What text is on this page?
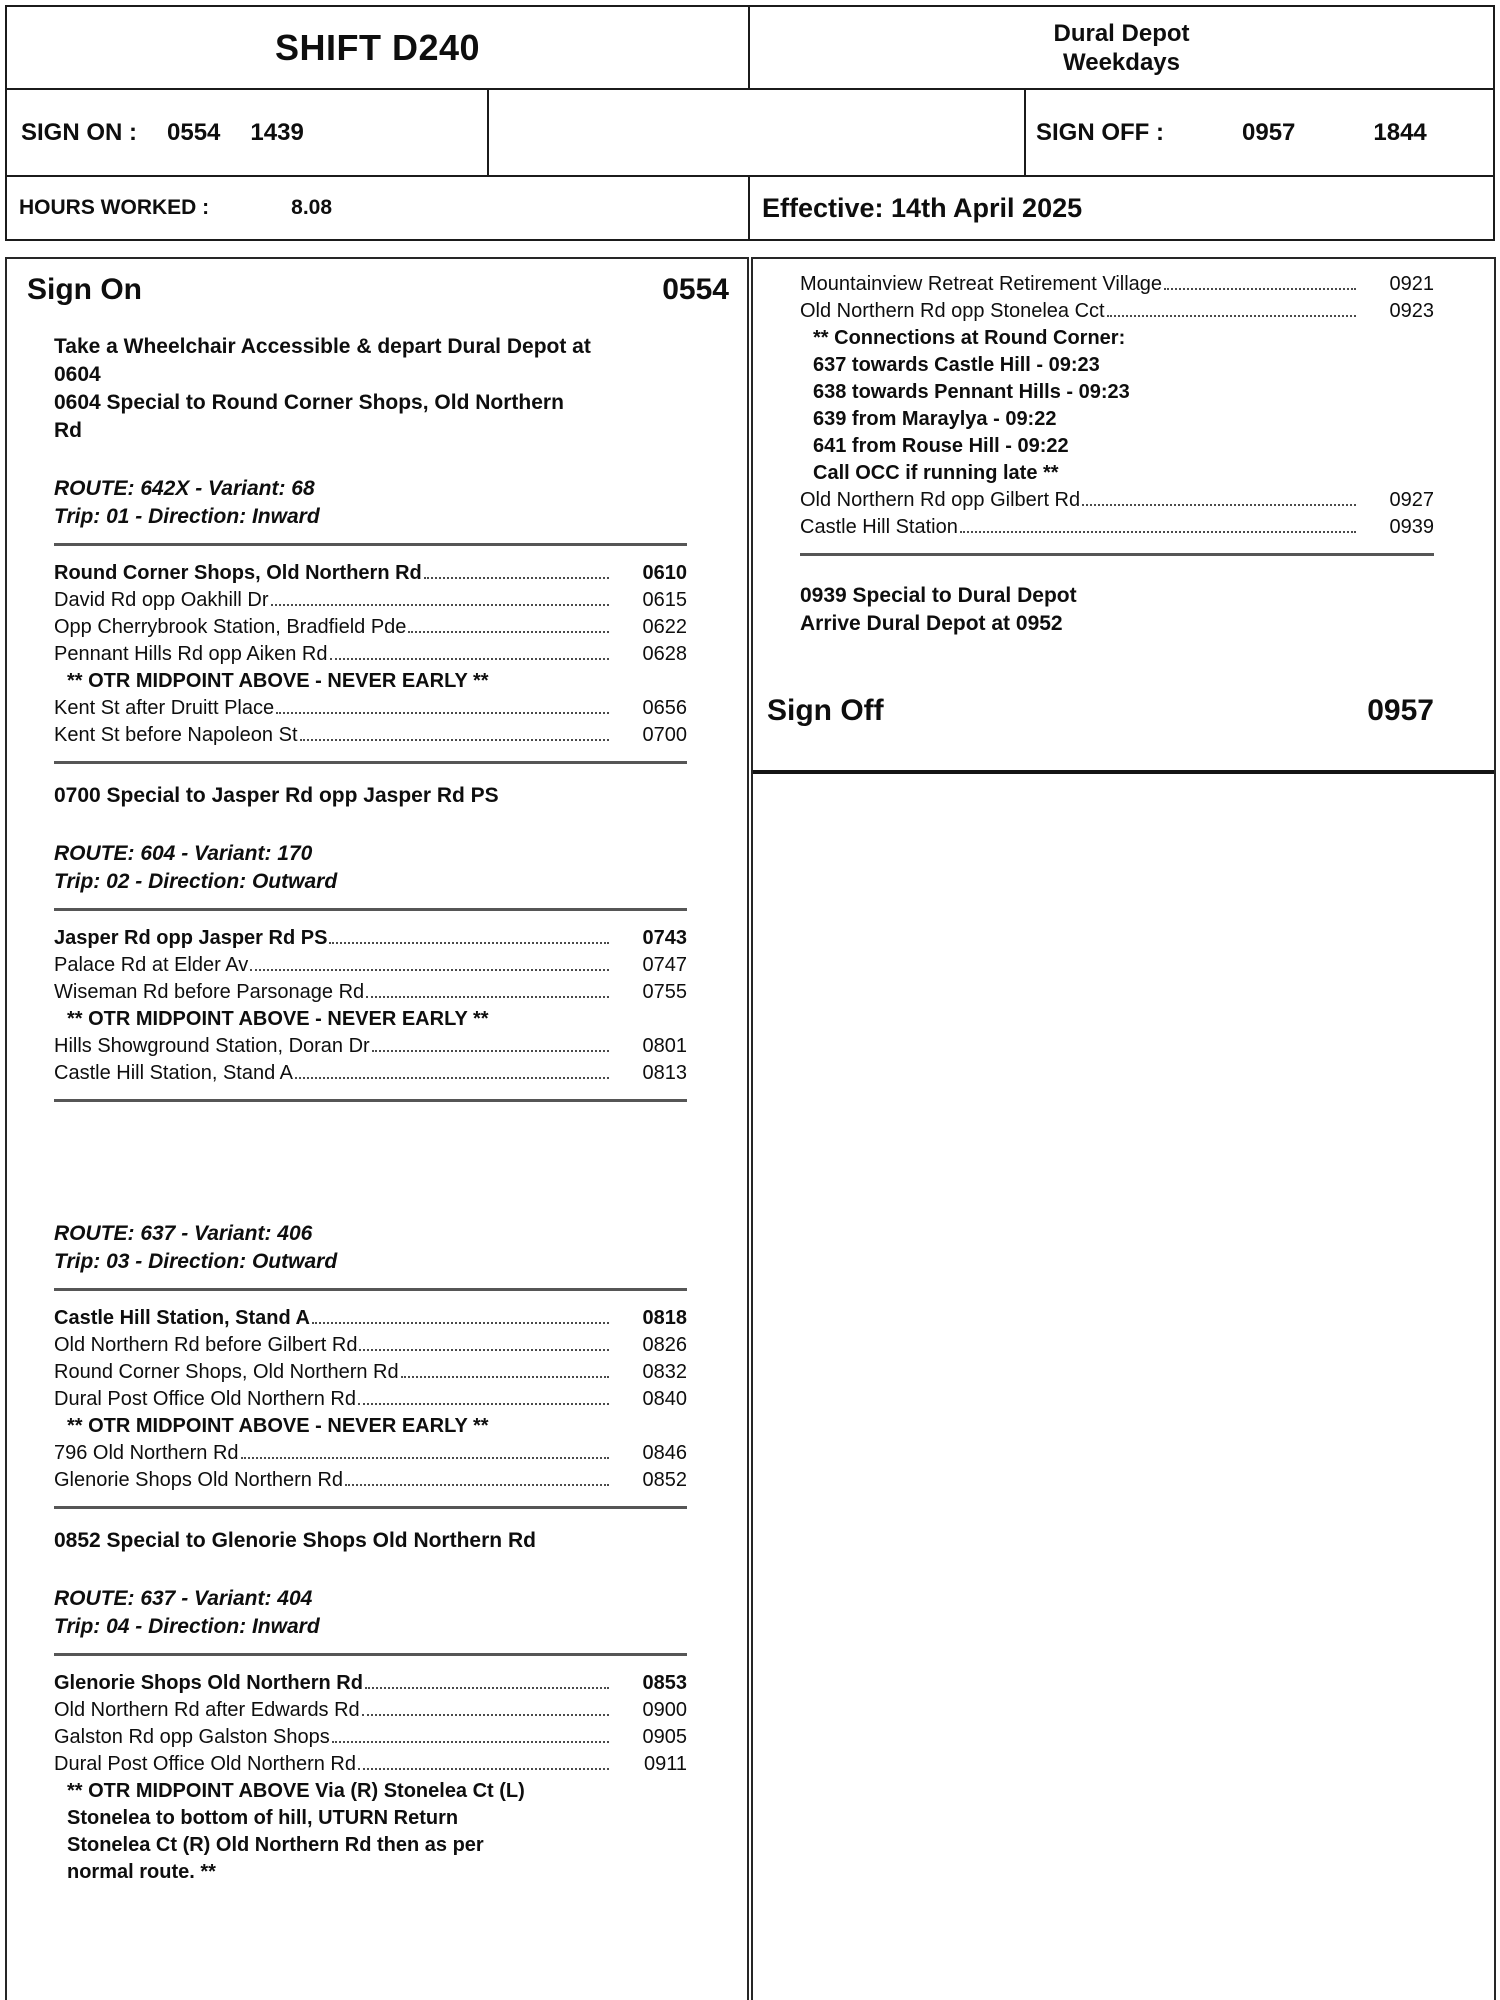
SHIFT D240		Dural Depot
Weekdays	

SIGN ON : 0554 1439			SIGN OFF : 0957 1844

HOURS WORKED : 8.08		Effective: 14th April 2025	
Sign On	0554
Take a Wheelchair Accessible & depart Dural Depot at
0604
0604 Special to Round Corner Shops, Old Northern
Rd
ROUTE: 642X - Variant: 68
Trip: 01 - Direction: Inward
Round Corner Shops, Old Northern Rd	0610
David Rd opp Oakhill Dr	0615
Opp Cherrybrook Station, Bradfield Pde	0622
Pennant Hills Rd opp Aiken Rd	0628
** OTR MIDPOINT ABOVE - NEVER EARLY **
Kent St after Druitt Place	0656
Kent St before Napoleon St	0700
0700 Special to Jasper Rd opp Jasper Rd PS
ROUTE: 604 - Variant: 170
Trip: 02 - Direction: Outward
Jasper Rd opp Jasper Rd PS	0743
Palace Rd at Elder Av	0747
Wiseman Rd before Parsonage Rd	0755
** OTR MIDPOINT ABOVE - NEVER EARLY **
Hills Showground Station, Doran Dr	0801
Castle Hill Station, Stand A	0813
ROUTE: 637 - Variant: 406
Trip: 03 - Direction: Outward
Castle Hill Station, Stand A	0818
Old Northern Rd before Gilbert Rd	0826
Round Corner Shops, Old Northern Rd	0832
Dural Post Office Old Northern Rd	0840
** OTR MIDPOINT ABOVE - NEVER EARLY **
796 Old Northern Rd	0846
Glenorie Shops Old Northern Rd	0852
0852 Special to Glenorie Shops Old Northern Rd
ROUTE: 637 - Variant: 404
Trip: 04 - Direction: Inward
Glenorie Shops Old Northern Rd	0853
Old Northern Rd after Edwards Rd	0900
Galston Rd opp Galston Shops	0905
Dural Post Office Old Northern Rd	0911
** OTR MIDPOINT ABOVE Via (R) Stonelea Ct (L)
Stonelea to bottom of hill, UTURN Return
Stonelea Ct (R) Old Northern Rd then as per
normal route. **
Mountainview Retreat Retirement Village	0921
Old Northern Rd opp Stonelea Cct	0923
** Connections at Round Corner:
637 towards Castle Hill - 09:23
638 towards Pennant Hills - 09:23
639 from Maraylya - 09:22
641 from Rouse Hill - 09:22
Call OCC if running late **
Old Northern Rd opp Gilbert Rd	0927
Castle Hill Station	0939
0939 Special to Dural Depot
Arrive Dural Depot at 0952
Sign Off	0957
